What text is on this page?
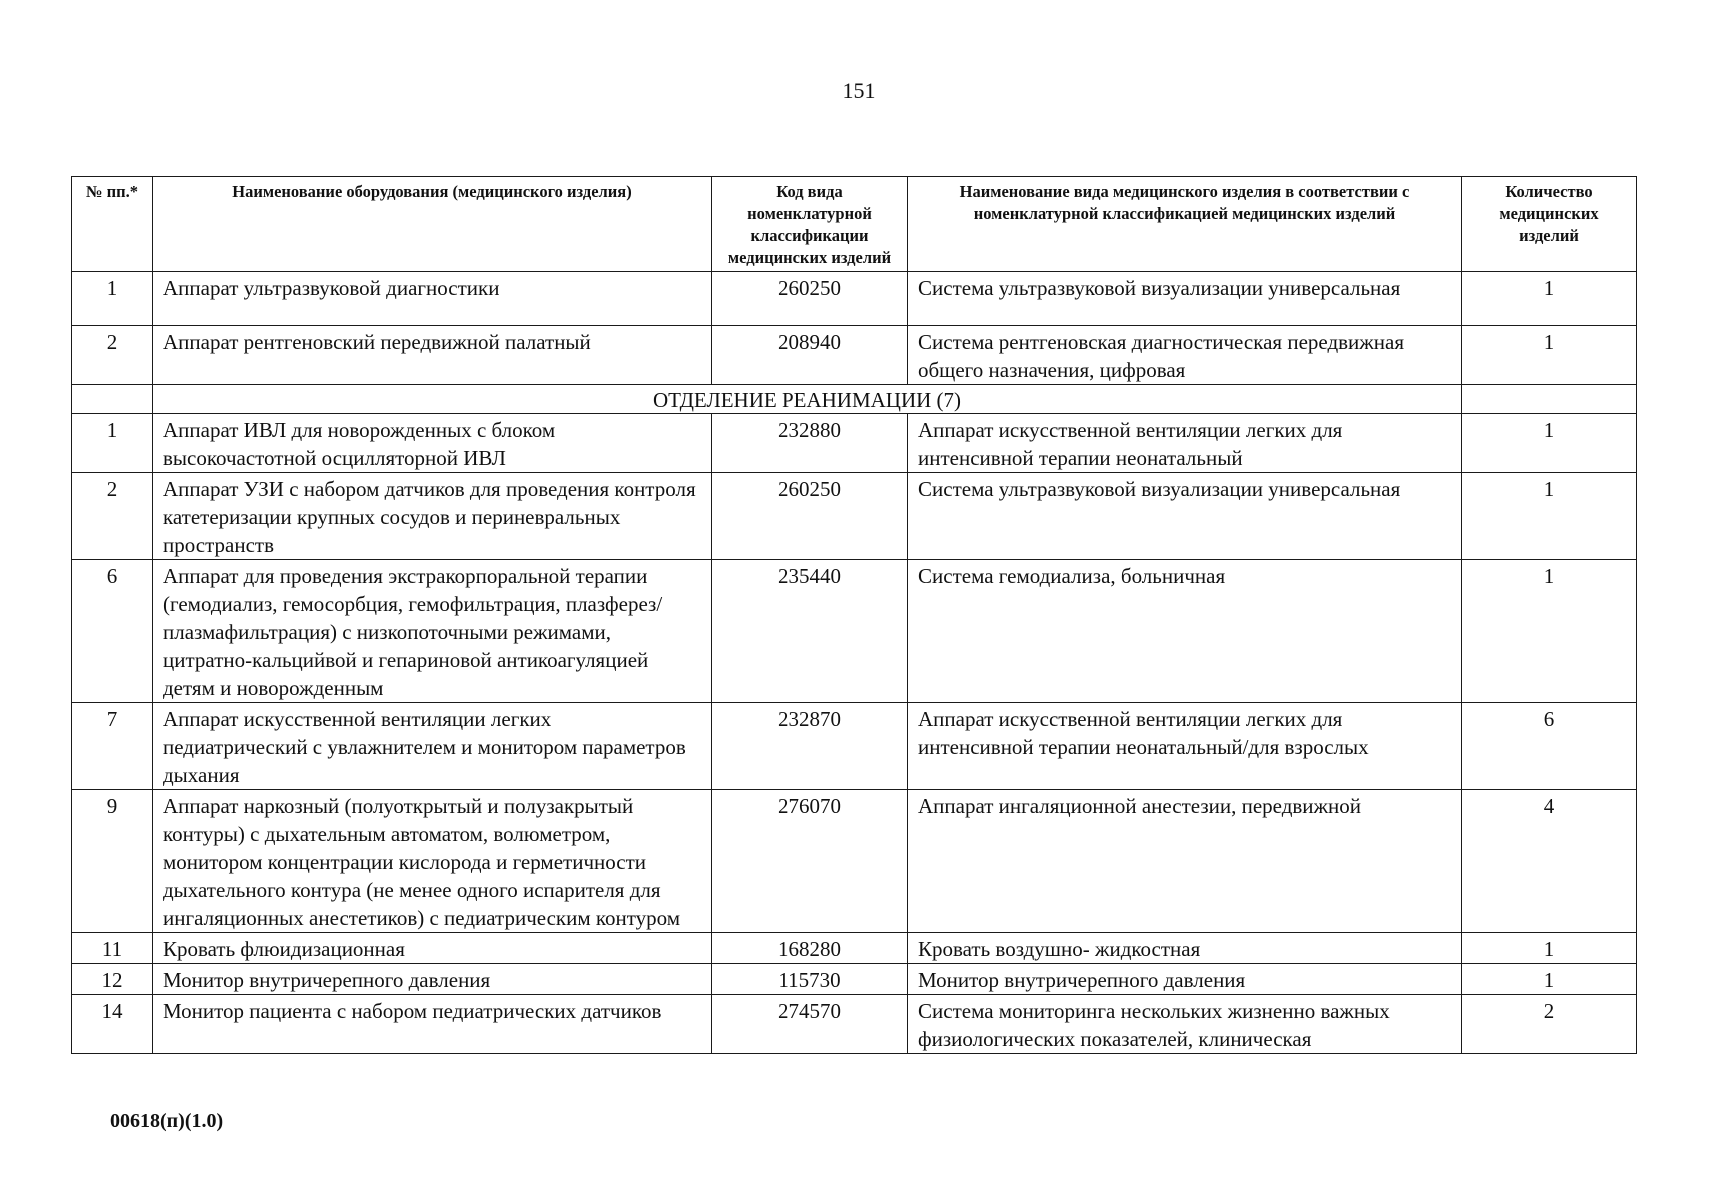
151
№ пп.*	Наименование оборудования (медицинского изделия)	Код вида номенклатурной классификации медицинских изделий	Наименование вида медицинского изделия в соответствии с номенклатурной классификацией медицинских изделий	Количество медицинских изделий
1	Аппарат ультразвуковой диагностики	260250	Система ультразвуковой визуализации универсальная	1
2	Аппарат рентгеновский передвижной палатный	208940	Система рентгеновская диагностическая передвижная общего назначения, цифровая	1
	ОТДЕЛЕНИЕ РЕАНИМАЦИИ (7)			
1	Аппарат ИВЛ для новорожденных с блоком высокочастотной осцилляторной ИВЛ	232880	Аппарат искусственной вентиляции легких для интенсивной терапии неонатальный	1
2	Аппарат УЗИ с набором датчиков для проведения контроля катетеризации крупных сосудов и периневральных пространств	260250	Система ультразвуковой визуализации универсальная	1
6	Аппарат для проведения экстракорпоральной терапии (гемодиализ, гемосорбция, гемофильтрация, плазферез/плазмафильтрация) с низкопоточными режимами, цитратно-кальцийвой и гепариновой антикоагуляцией детям и новорожденным	235440	Система гемодиализа, больничная	1
7	Аппарат искусственной вентиляции легких педиатрический с увлажнителем и монитором параметров дыхания	232870	Аппарат искусственной вентиляции легких для интенсивной терапии неонатальный/для взрослых	6
9	Аппарат наркозный (полуоткрытый и полузакрытый контуры) с дыхательным автоматом, волюметром, монитором концентрации кислорода и герметичности дыхательного контура (не менее одного испарителя для ингаляционных анестетиков) с педиатрическим контуром	276070	Аппарат ингаляционной анестезии, передвижной	4
11	Кровать флюидизационная	168280	Кровать воздушно- жидкостная	1
12	Монитор внутричерепного давления	115730	Монитор внутричерепного давления	1
14	Монитор пациента с набором педиатрических датчиков	274570	Система мониторинга нескольких жизненно важных физиологических показателей, клиническая	2
00618(п)(1.0)
